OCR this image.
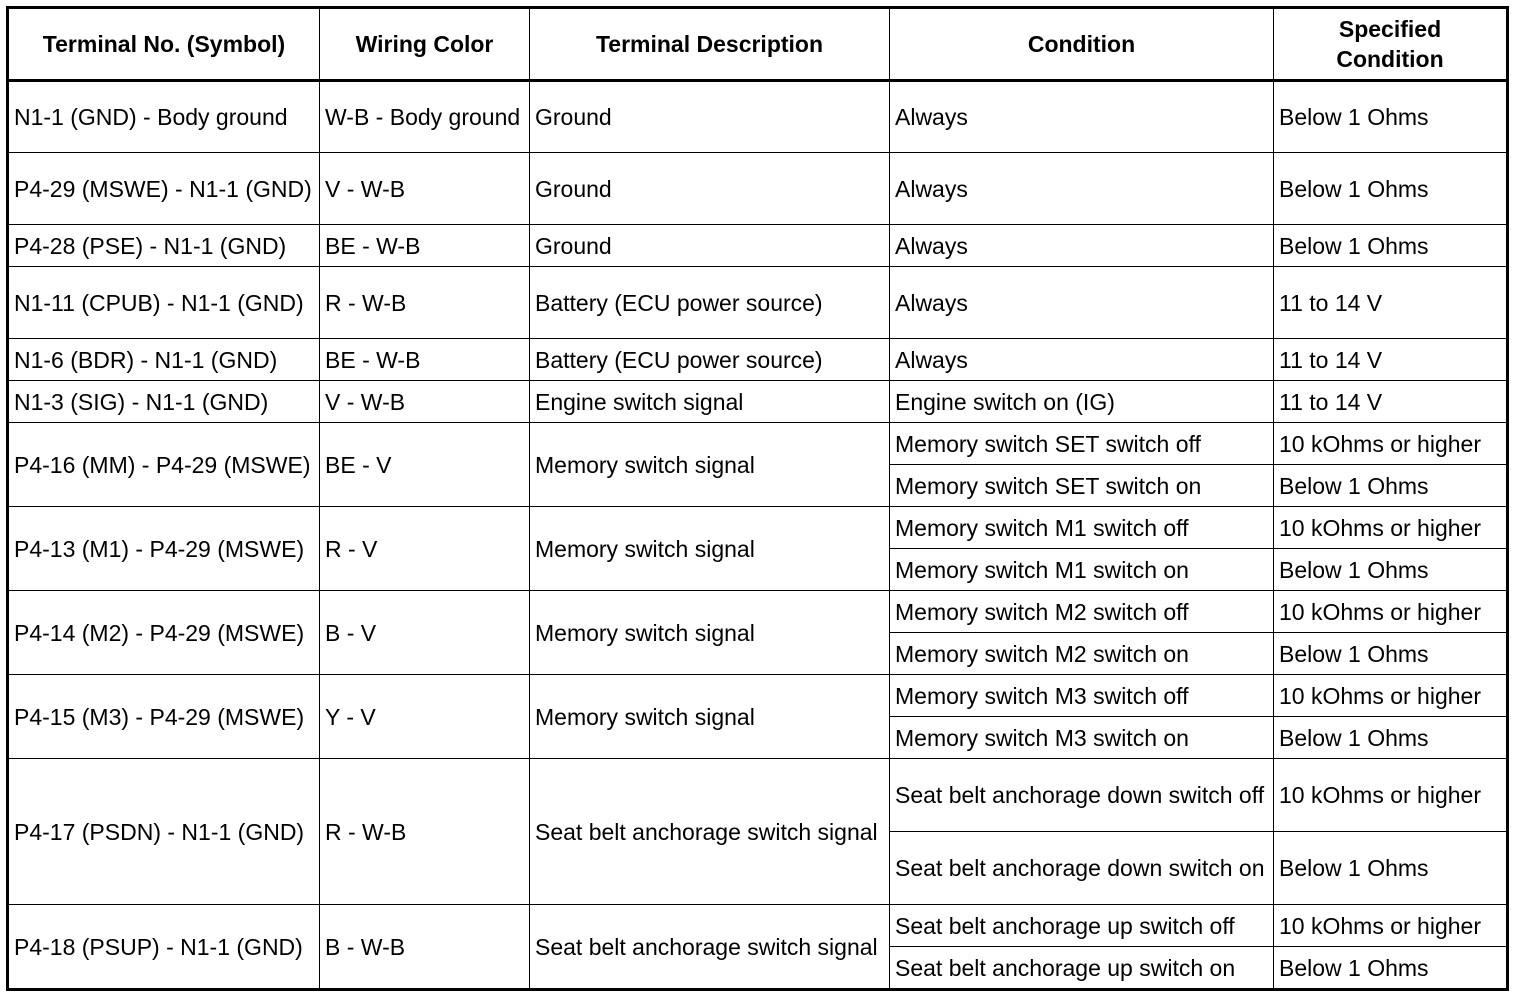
Terminal No. (Symbol)	Wiring Color	Terminal Description	Condition	Specified Condition
N1-1 (GND) - Body ground	W-B - Body ground	Ground	Always	Below 1 Ohms
P4-29 (MSWE) - N1-1 (GND)	V - W-B	Ground	Always	Below 1 Ohms
P4-28 (PSE) - N1-1 (GND)	BE - W-B	Ground	Always	Below 1 Ohms
N1-11 (CPUB) - N1-1 (GND)	R - W-B	Battery (ECU power source)	Always	11 to 14 V
N1-6 (BDR) - N1-1 (GND)	BE - W-B	Battery (ECU power source)	Always	11 to 14 V
N1-3 (SIG) - N1-1 (GND)	V - W-B	Engine switch signal	Engine switch on (IG)	11 to 14 V
P4-16 (MM) - P4-29 (MSWE)	BE - V	Memory switch signal	Memory switch SET switch off	10 kOhms or higher
			Memory switch SET switch on	Below 1 Ohms
P4-13 (M1) - P4-29 (MSWE)	R - V	Memory switch signal	Memory switch M1 switch off	10 kOhms or higher
			Memory switch M1 switch on	Below 1 Ohms
P4-14 (M2) - P4-29 (MSWE)	B - V	Memory switch signal	Memory switch M2 switch off	10 kOhms or higher
			Memory switch M2 switch on	Below 1 Ohms
P4-15 (M3) - P4-29 (MSWE)	Y - V	Memory switch signal	Memory switch M3 switch off	10 kOhms or higher
			Memory switch M3 switch on	Below 1 Ohms
P4-17 (PSDN) - N1-1 (GND)	R - W-B	Seat belt anchorage switch signal	Seat belt anchorage down switch off	10 kOhms or higher
			Seat belt anchorage down switch on	Below 1 Ohms
P4-18 (PSUP) - N1-1 (GND)	B - W-B	Seat belt anchorage switch signal	Seat belt anchorage up switch off	10 kOhms or higher
			Seat belt anchorage up switch on	Below 1 Ohms
